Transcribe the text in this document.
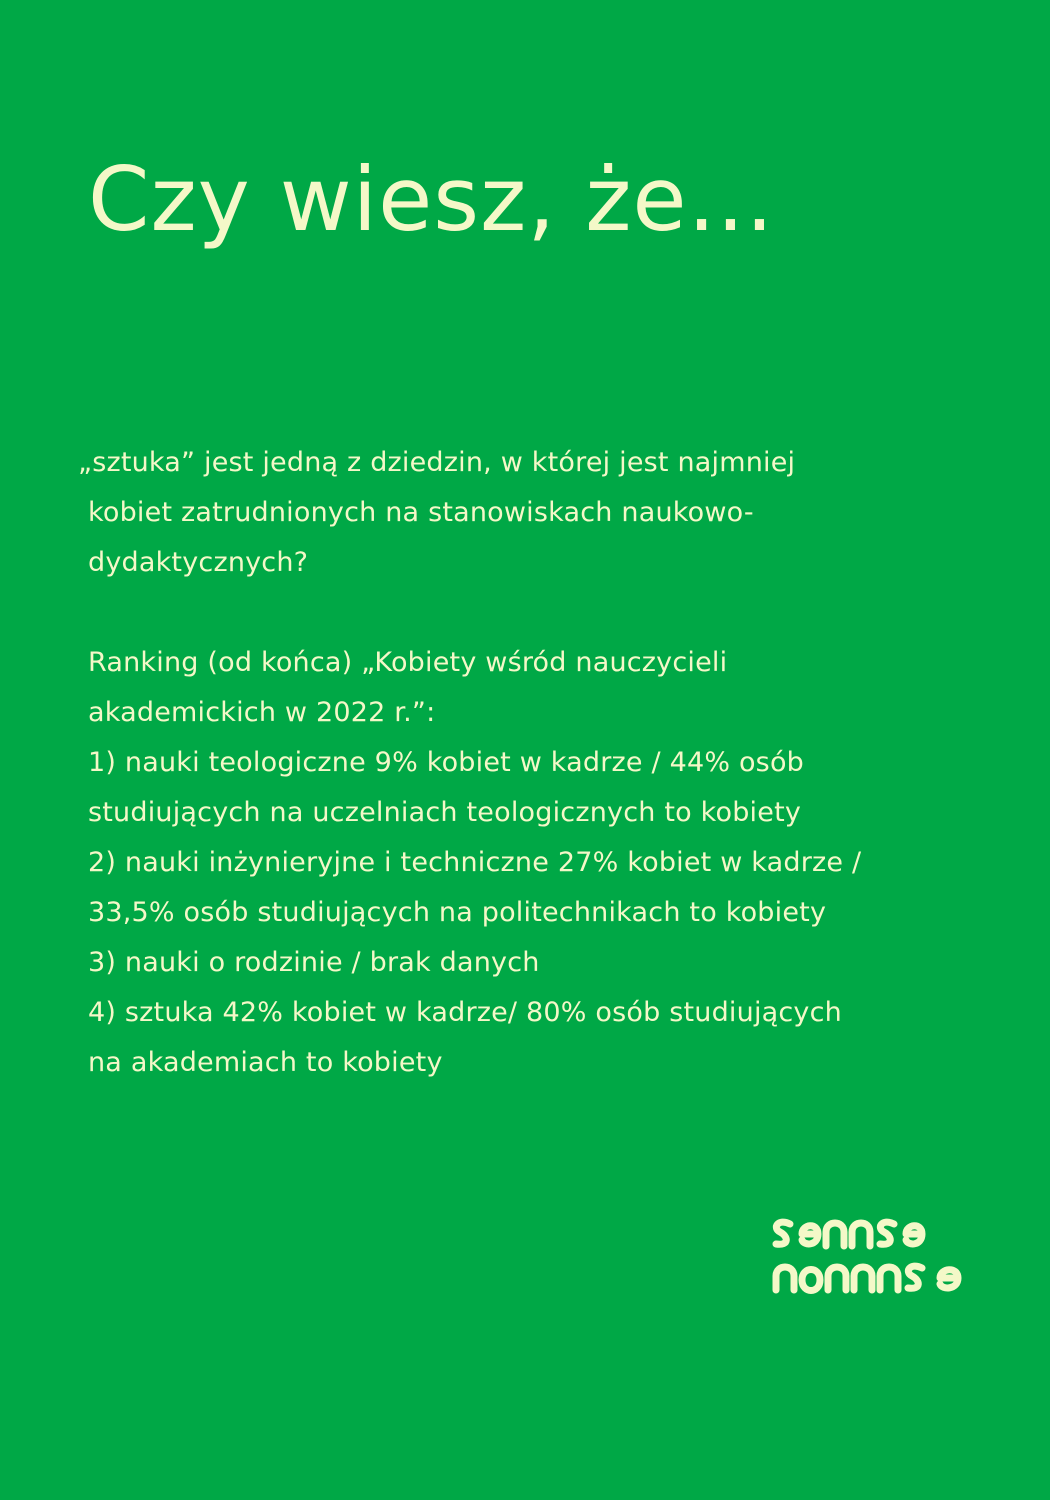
Czy wiesz, że...
„sztuka” jest jedną z dziedzin, w której jest najmniej
kobiet zatrudnionych na stanowiskach naukowo-
dydaktycznych?
Ranking (od końca) „Kobiety wśród nauczycieli
akademickich w 2022 r.”:
1) nauki teologiczne 9% kobiet w kadrze / 44% osób
studiujących na uczelniach teologicznych to kobiety
2) nauki inżynieryjne i techniczne 27% kobiet w kadrze /
33,5% osób studiujących na politechnikach to kobiety
3) nauki o rodzinie / brak danych
4) sztuka 42% kobiet w kadrze/ 80% osób studiujących
na akademiach to kobiety
